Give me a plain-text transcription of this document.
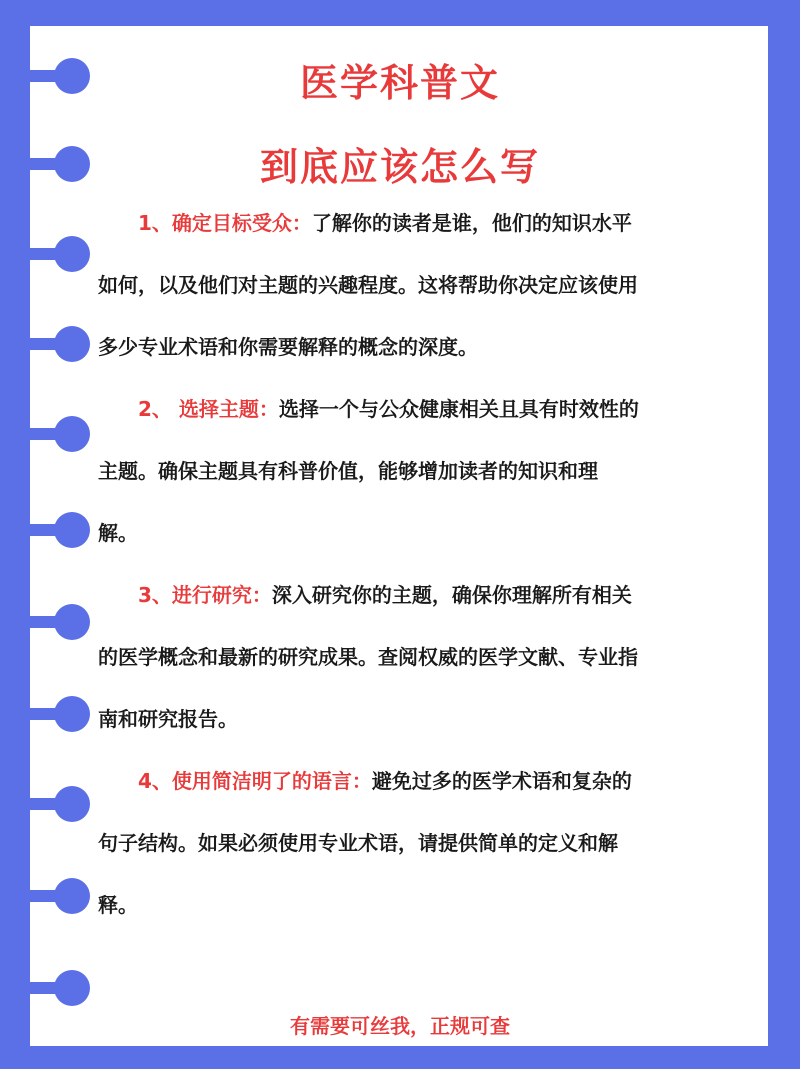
医学科普文
到底应该怎么写
1、确定目标受众：了解你的读者是谁，他们的知识水平
如何，以及他们对主题的兴趣程度。这将帮助你决定应该使用
多少专业术语和你需要解释的概念的深度。
2、 选择主题：选择一个与公众健康相关且具有时效性的
主题。确保主题具有科普价值，能够增加读者的知识和理
解。
3、进行研究：深入研究你的主题，确保你理解所有相关
的医学概念和最新的研究成果。查阅权威的医学文献、专业指
南和研究报告。
4、使用简洁明了的语言：避免过多的医学术语和复杂的
句子结构。如果必须使用专业术语，请提供简单的定义和解
释。
有需要可丝我，正规可查
